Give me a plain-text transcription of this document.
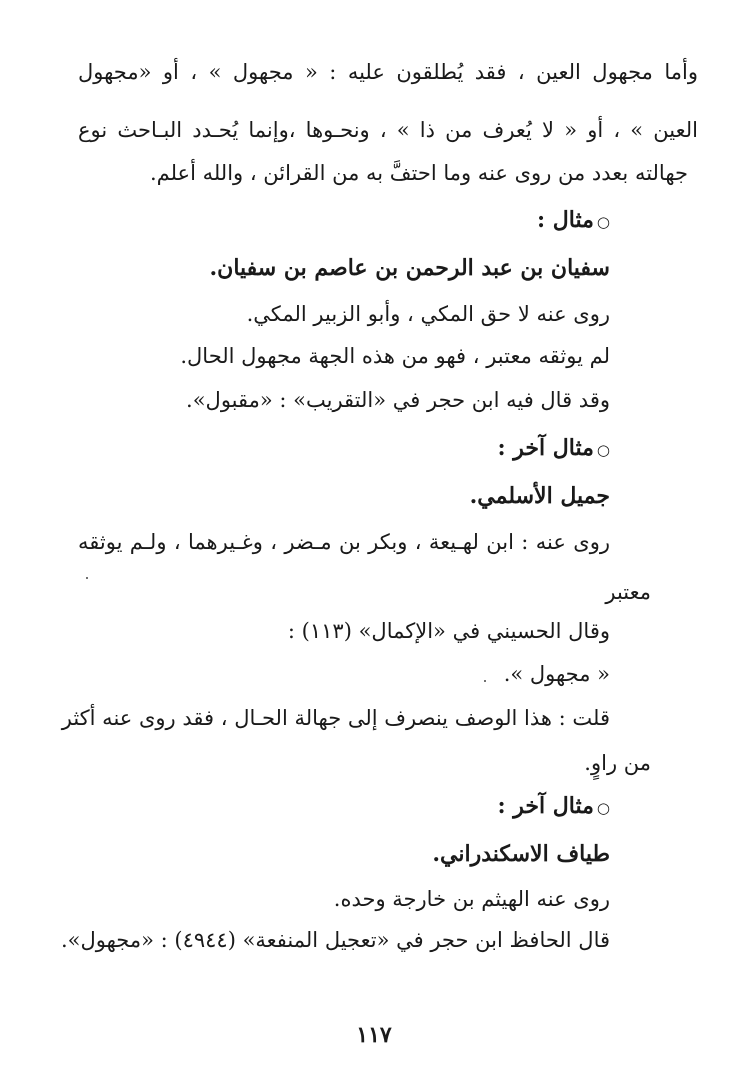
وأما مجهول العين ، فقد يُطلقون عليه : « مجهول » ، أو «مجهول
العين » ، أو « لا يُعرف من ذا » ، ونحـوها ،وإنما يُحـدد البـاحث نوع
جهالته بعدد من روى عنه وما احتفَّ به من القرائن ، والله أعلم.
○مثال :
سفيان بن عبد الرحمن بن عاصم بن سفيان.
روى عنه لا حق المكي ، وأبو الزبير المكي.
لم يوثقه معتبر ، فهو من هذه الجهة مجهول الحال.
وقد قال فيه ابن حجر في «التقريب» : «مقبول».
○مثال آخر :
جميل الأسلمي.
روى عنه : ابن لهـيعة ، وبكر بن مـضر ، وغـيرهما ، ولـم يوثقه
معتبر
وقال الحسيني في «الإكمال» (١١٣) :
« مجهول ».
قلت : هذا الوصف ينصرف إلى جهالة الحـال ، فقد روى عنه أكثر
من راوٍ.
○مثال آخر :
طياف الاسكندراني.
روى عنه الهيثم بن خارجة وحده.
قال الحافظ ابن حجر في «تعجيل المنفعة» (٤٩٤٤) : «مجهول».
١١٧
